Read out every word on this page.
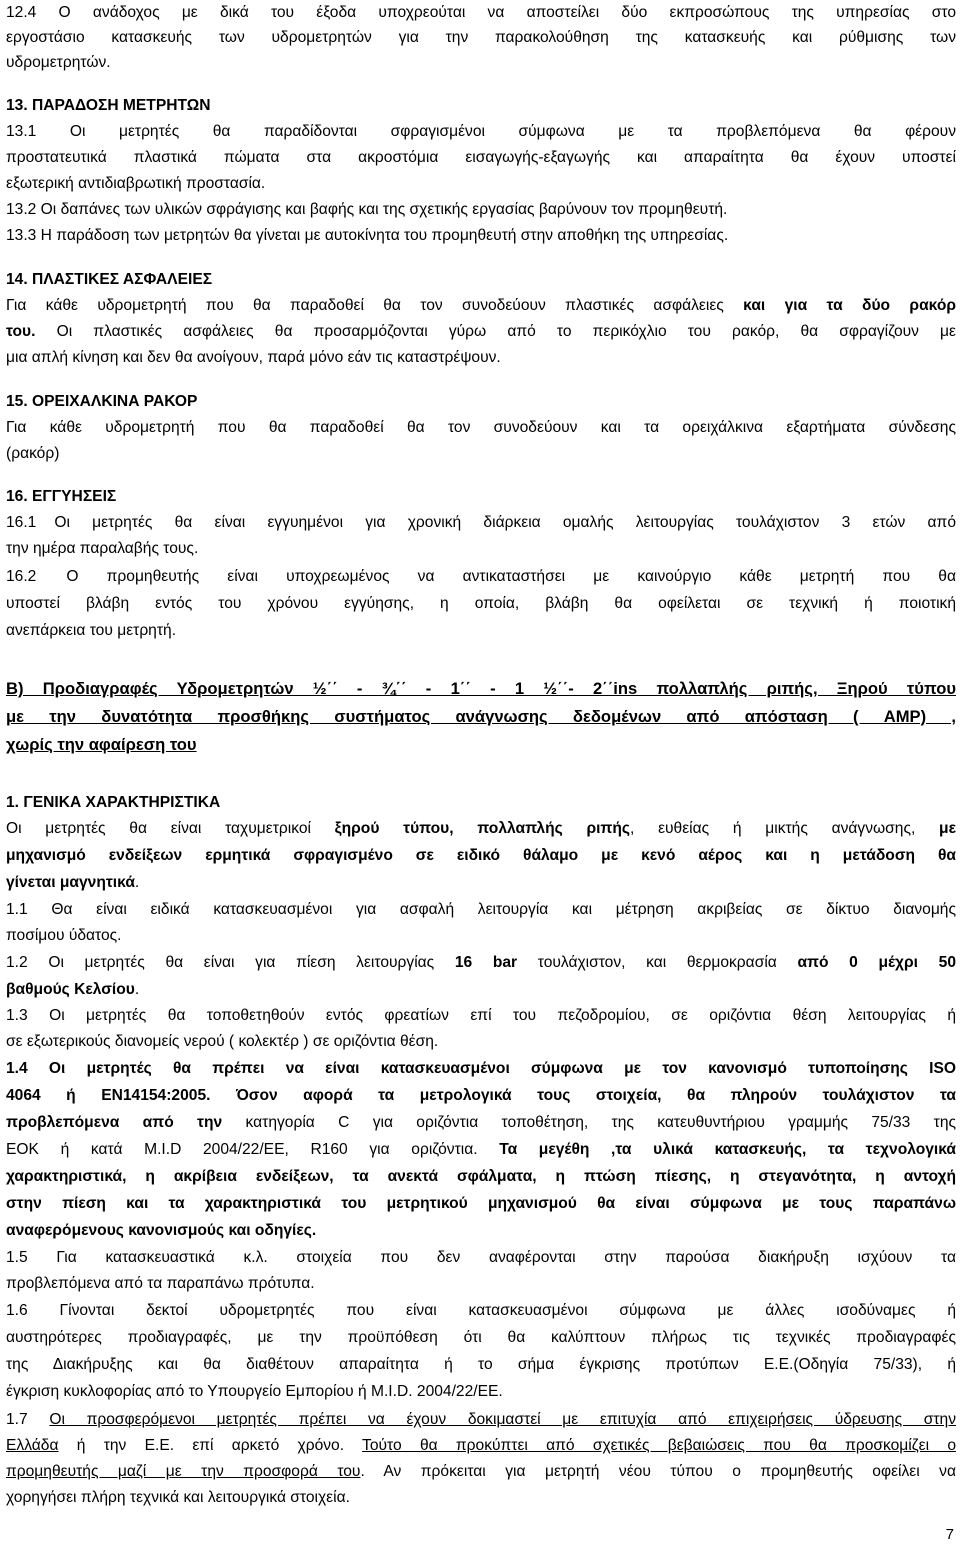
12.4 Ο ανάδοχος με δικά του έξοδα υποχρεούται να αποστείλει δύο εκπροσώπους της υπηρεσίας στο
εργοστάσιο κατασκευής των υδρομετρητών για την παρακολούθηση της κατασκευής και ρύθμισης των
υδρομετρητών.
13. ΠΑΡΑΔΟΣΗ ΜΕΤΡΗΤΩΝ
13.1 Οι μετρητές θα παραδίδονται σφραγισμένοι σύμφωνα με τα προβλεπόμενα θα φέρουν
προστατευτικά πλαστικά πώματα στα ακροστόμια εισαγωγής-εξαγωγής και απαραίτητα θα έχουν υποστεί
εξωτερική αντιδιαβρωτική προστασία.
13.2 Οι δαπάνες των υλικών σφράγισης και βαφής και της σχετικής εργασίας βαρύνουν τον προμηθευτή.
13.3 Η παράδοση των μετρητών θα γίνεται με αυτοκίνητα του προμηθευτή στην αποθήκη της υπηρεσίας.
14. ΠΛΑΣΤΙΚΕΣ ΑΣΦΑΛΕΙΕΣ
Για κάθε υδρομετρητή που θα παραδοθεί θα τον συνοδεύουν πλαστικές ασφάλειες και για τα δύο ρακόρ
του. Οι πλαστικές ασφάλειες θα προσαρμόζονται γύρω από το περικόχλιο του ρακόρ, θα σφραγίζουν με
μια απλή κίνηση και δεν θα ανοίγουν, παρά μόνο εάν τις καταστρέψουν.
15. ΟΡΕΙΧΑΛΚΙΝΑ ΡΑΚΟΡ
Για κάθε υδρομετρητή που θα παραδοθεί θα τον συνοδεύουν και τα ορειχάλκινα εξαρτήματα σύνδεσης
(ρακόρ)
16. ΕΓΓΥΗΣΕΙΣ
16.1 Οι μετρητές θα είναι εγγυημένοι για χρονική διάρκεια ομαλής λειτουργίας τουλάχιστον 3 ετών από
την ημέρα παραλαβής τους.
16.2 Ο προμηθευτής είναι υποχρεωμένος να αντικαταστήσει με καινούργιο κάθε μετρητή που θα
υποστεί βλάβη εντός του χρόνου εγγύησης, η οποία, βλάβη θα οφείλεται σε τεχνική ή ποιοτική
ανεπάρκεια του μετρητή.
Β) Προδιαγραφές Υδρομετρητών ½΄΄ - ¾΄΄ - 1΄΄ - 1 ½΄΄- 2΄΄ins πολλαπλής ριπής, Ξηρού τύπου
με την δυνατότητα προσθήκης συστήματος ανάγνωσης δεδομένων από απόσταση ( AMP) ,
χωρίς την αφαίρεση του
1. ΓΕΝΙΚΑ ΧΑΡΑΚΤΗΡΙΣΤΙΚΑ
Οι μετρητές θα είναι ταχυμετρικοί ξηρού τύπου, πολλαπλής ριπής, ευθείας ή μικτής ανάγνωσης, με
μηχανισμό ενδείξεων ερμητικά σφραγισμένο σε ειδικό θάλαμο με κενό αέρος και η μετάδοση θα
γίνεται μαγνητικά.
1.1 Θα είναι ειδικά κατασκευασμένοι για ασφαλή λειτουργία και μέτρηση ακριβείας σε δίκτυο διανομής
ποσίμου ύδατος.
1.2 Οι μετρητές θα είναι για πίεση λειτουργίας 16 bar τουλάχιστον, και θερμοκρασία από 0 μέχρι 50
βαθμούς Κελσίου.
1.3 Οι μετρητές θα τοποθετηθούν εντός φρεατίων επί του πεζοδρομίου, σε οριζόντια θέση λειτουργίας ή
σε εξωτερικούς διανομείς νερού ( κολεκτέρ ) σε οριζόντια θέση.
1.4 Οι μετρητές θα πρέπει να είναι κατασκευασμένοι σύμφωνα με τον κανονισμό τυποποίησης ISO
4064 ή ΕΝ14154:2005. Όσον αφορά τα μετρολογικά τους στοιχεία, θα πληρούν τουλάχιστον τα
προβλεπόμενα από την κατηγορία C για οριζόντια τοποθέτηση, της κατευθυντήριου γραμμής 75/33 της
ΕΟΚ ή κατά M.I.D 2004/22/ΕΕ, R160 για οριζόντια. Τα μεγέθη ,τα υλικά κατασκευής, τα τεχνολογικά
χαρακτηριστικά, η ακρίβεια ενδείξεων, τα ανεκτά σφάλματα, η πτώση πίεσης, η στεγανότητα, η αντοχή
στην πίεση και τα χαρακτηριστικά του μετρητικού μηχανισμού θα είναι σύμφωνα με τους παραπάνω
αναφερόμενους κανονισμούς και οδηγίες.
1.5 Για κατασκευαστικά κ.λ. στοιχεία που δεν αναφέρονται στην παρούσα διακήρυξη ισχύουν τα
προβλεπόμενα από τα παραπάνω πρότυπα.
1.6 Γίνονται δεκτοί υδρομετρητές που είναι κατασκευασμένοι σύμφωνα με άλλες ισοδύναμες ή
αυστηρότερες προδιαγραφές, με την προϋπόθεση ότι θα καλύπτουν πλήρως τις τεχνικές προδιαγραφές
της Διακήρυξης και θα διαθέτουν απαραίτητα ή το σήμα έγκρισης προτύπων Ε.Ε.(Οδηγία 75/33), ή
έγκριση κυκλοφορίας από το Υπουργείο Εμπορίου ή M.I.D. 2004/22/ΕΕ.
1.7 Οι προσφερόμενοι μετρητές πρέπει να έχουν δοκιμαστεί με επιτυχία από επιχειρήσεις ύδρευσης στην
Ελλάδα ή την Ε.Ε. επί αρκετό χρόνο. Τούτο θα προκύπτει από σχετικές βεβαιώσεις που θα προσκομίζει ο
προμηθευτής μαζί με την προσφορά του. Αν πρόκειται για μετρητή νέου τύπου ο προμηθευτής οφείλει να
χορηγήσει πλήρη τεχνικά και λειτουργικά στοιχεία.
7
